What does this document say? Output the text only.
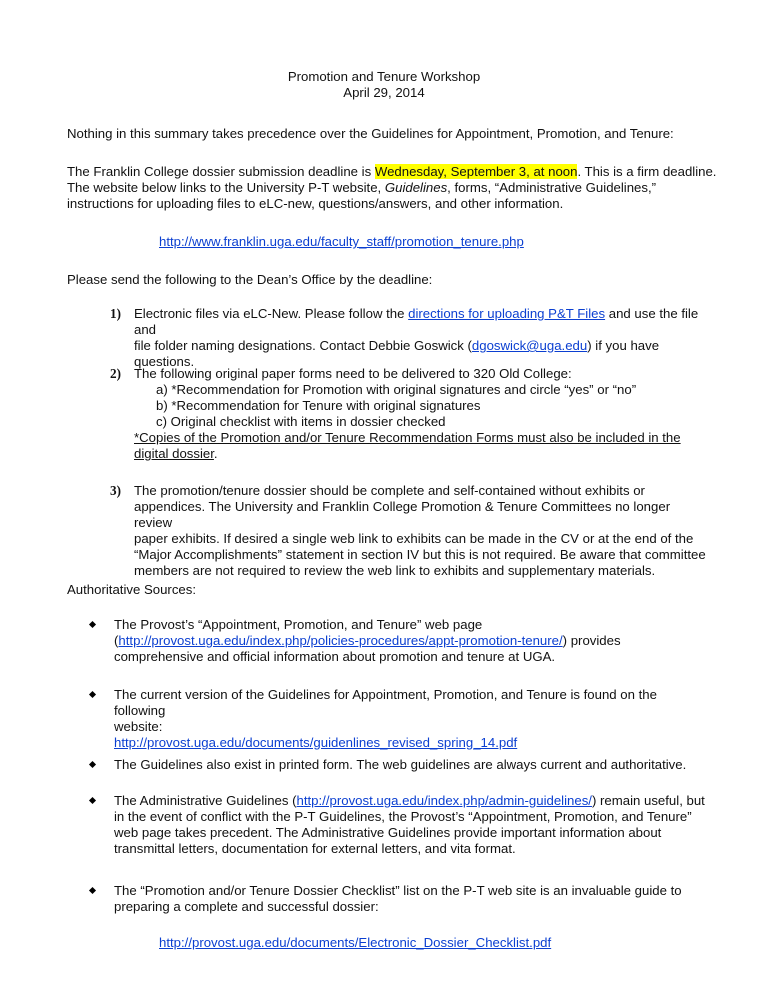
Promotion and Tenure Workshop
April 29, 2014
Nothing in this summary takes precedence over the Guidelines for Appointment, Promotion, and Tenure:
The Franklin College dossier submission deadline is Wednesday, September 3, at noon. This is a firm deadline.
The website below links to the University P-T website, Guidelines, forms, “Administrative Guidelines,”
instructions for uploading files to eLC-new, questions/answers, and other information.
http://www.franklin.uga.edu/faculty_staff/promotion_tenure.php
Please send the following to the Dean’s Office by the deadline:
1) Electronic files via eLC-New. Please follow the directions for uploading P&T Files and use the file and
file folder naming designations. Contact Debbie Goswick (dgoswick@uga.edu) if you have
questions.
2) The following original paper forms need to be delivered to 320 Old College:
a) *Recommendation for Promotion with original signatures and circle “yes” or “no”
b) *Recommendation for Tenure with original signatures
c) Original checklist with items in dossier checked
*Copies of the Promotion and/or Tenure Recommendation Forms must also be included in the
digital dossier.
3) The promotion/tenure dossier should be complete and self-contained without exhibits or
appendices. The University and Franklin College Promotion & Tenure Committees no longer review
paper exhibits. If desired a single web link to exhibits can be made in the CV or at the end of the
“Major Accomplishments” statement in section IV but this is not required. Be aware that committee
members are not required to review the web link to exhibits and supplementary materials.
Authoritative Sources:
The Provost’s “Appointment, Promotion, and Tenure” web page
(http://provost.uga.edu/index.php/policies-procedures/appt-promotion-tenure/) provides
comprehensive and official information about promotion and tenure at UGA.
The current version of the Guidelines for Appointment, Promotion, and Tenure is found on the following
website:
http://provost.uga.edu/documents/guidenlines_revised_spring_14.pdf
The Guidelines also exist in printed form. The web guidelines are always current and authoritative.
The Administrative Guidelines (http://provost.uga.edu/index.php/admin-guidelines/) remain useful, but
in the event of conflict with the P-T Guidelines, the Provost’s “Appointment, Promotion, and Tenure”
web page takes precedent. The Administrative Guidelines provide important information about
transmittal letters, documentation for external letters, and vita format.
The “Promotion and/or Tenure Dossier Checklist” list on the P-T web site is an invaluable guide to
preparing a complete and successful dossier:
http://provost.uga.edu/documents/Electronic_Dossier_Checklist.pdf
